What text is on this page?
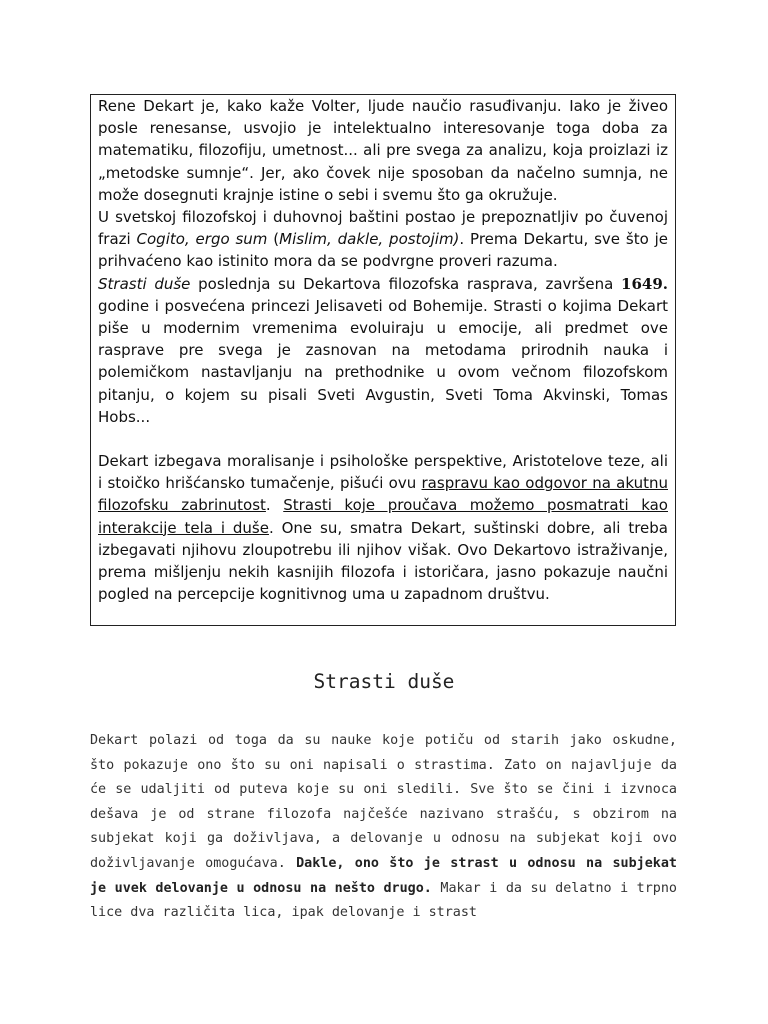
Rene Dekart je, kako kaže Volter, ljude naučio rasuđivanju. Iako je živeo posle renesanse, usvojio je intelektualno interesovanje toga doba za matematiku, filozofiju, umetnost... ali pre svega za analizu, koja proizlazi iz „metodske sumnje“. Jer, ako čovek nije sposoban da načelno sumnja, ne može dosegnuti krajnje istine o sebi i svemu što ga okružuje.

U svetskoj filozofskoj i duhovnoj baštini postao je prepoznatljiv po čuvenoj frazi Cogito, ergo sum (Mislim, dakle, postojim). Prema Dekartu, sve što je prihvaćeno kao istinito mora da se podvrgne proveri razuma.

Strasti duše poslednja su Dekartova filozofska rasprava, završena 1649. godine i posvećena princezi Jelisaveti od Bohemije. Strasti o kojima Dekart piše u modernim vremenima evoluiraju u emocije, ali predmet ove rasprave pre svega je zasnovan na metodama prirodnih nauka i polemičkom nastavljanju na prethodnike u ovom večnom filozofskom pitanju, o kojem su pisali Sveti Avgustin, Sveti Toma Akvinski, Tomas Hobs...

Dekart izbegava moralisanje i psihološke perspektive, Aristotelove teze, ali i stoičko hrišćansko tumačenje, pišući ovu raspravu kao odgovor na akutnu filozofsku zabrinutost. Strasti koje proučava možemo posmatrati kao interakcije tela i duše. One su, smatra Dekart, suštinski dobre, ali treba izbegavati njihovu zloupotrebu ili njihov višak. Ovo Dekartovo istraživanje, prema mišljenju nekih kasnijih filozofa i istoričara, jasno pokazuje naučni pogled na percepcije kognitivnog uma u zapadnom društvu.

Strasti duše

Dekart polazi od toga da su nauke koje potiču od starih jako oskudne, što pokazuje ono što su oni napisali o strastima. Zato on najavljuje da će se udaljiti od puteva koje su oni sledili. Sve što se čini i izvnoca dešava je od strane filozofa najčešće nazivano strašću, s obzirom na subjekat koji ga doživljava, a delovanje u odnosu na subjekat koji ovo doživljavanje omogućava. Dakle, ono što je strast u odnosu na subjekat je uvek delovanje u odnosu na nešto drugo. Makar i da su delatno i trpno lice dva različita lica, ipak delovanje i strast
